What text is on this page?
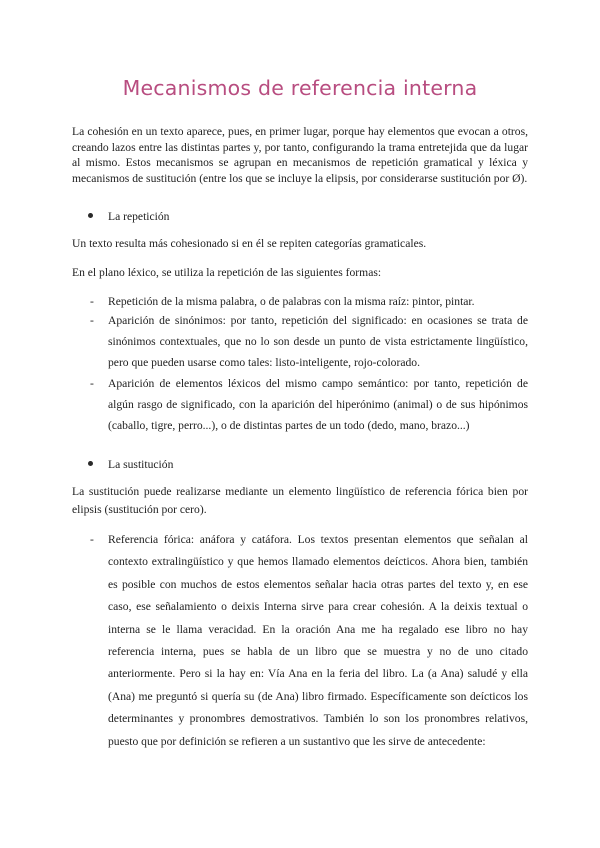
Mecanismos de referencia interna

La cohesión en un texto aparece, pues, en primer lugar, porque hay elementos que evocan a otros, creando lazos entre las distintas partes y, por tanto, configurando la trama entretejida que da lugar al mismo. Estos mecanismos se agrupan en mecanismos de repetición gramatical y léxica y mecanismos de sustitución (entre los que se incluye la elipsis, por considerarse sustitución por Ø).

La repetición

Un texto resulta más cohesionado si en él se repiten categorías gramaticales.

En el plano léxico, se utiliza la repetición de las siguientes formas:

- Repetición de la misma palabra, o de palabras con la misma raíz: pintor, pintar.

- Aparición de sinónimos: por tanto, repetición del significado: en ocasiones se trata de sinónimos contextuales, que no lo son desde un punto de vista estrictamente lingüístico, pero que pueden usarse como tales: listo-inteligente, rojo-colorado.

- Aparición de elementos léxicos del mismo campo semántico: por tanto, repetición de algún rasgo de significado, con la aparición del hiperónimo (animal) o de sus hipónimos (caballo, tigre, perro...), o de distintas partes de un todo (dedo, mano, brazo...)

La sustitución

La sustitución puede realizarse mediante un elemento lingüístico de referencia fórica bien por elipsis (sustitución por cero).

- Referencia fórica: anáfora y catáfora. Los textos presentan elementos que señalan al contexto extralingüístico y que hemos llamado elementos deícticos. Ahora bien, también es posible con muchos de estos elementos señalar hacia otras partes del texto y, en ese caso, ese señalamiento o deixis Interna sirve para crear cohesión. A la deixis textual o interna se le llama veracidad. En la oración Ana me ha regalado ese libro no hay referencia interna, pues se habla de un libro que se muestra y no de uno citado anteriormente. Pero si la hay en: Vía Ana en la feria del libro. La (a Ana) saludé y ella (Ana) me preguntó si quería su (de Ana) libro firmado. Específicamente son deícticos los determinantes y pronombres demostrativos. También lo son los pronombres relativos, puesto que por definición se refieren a un sustantivo que les sirve de antecedente:
